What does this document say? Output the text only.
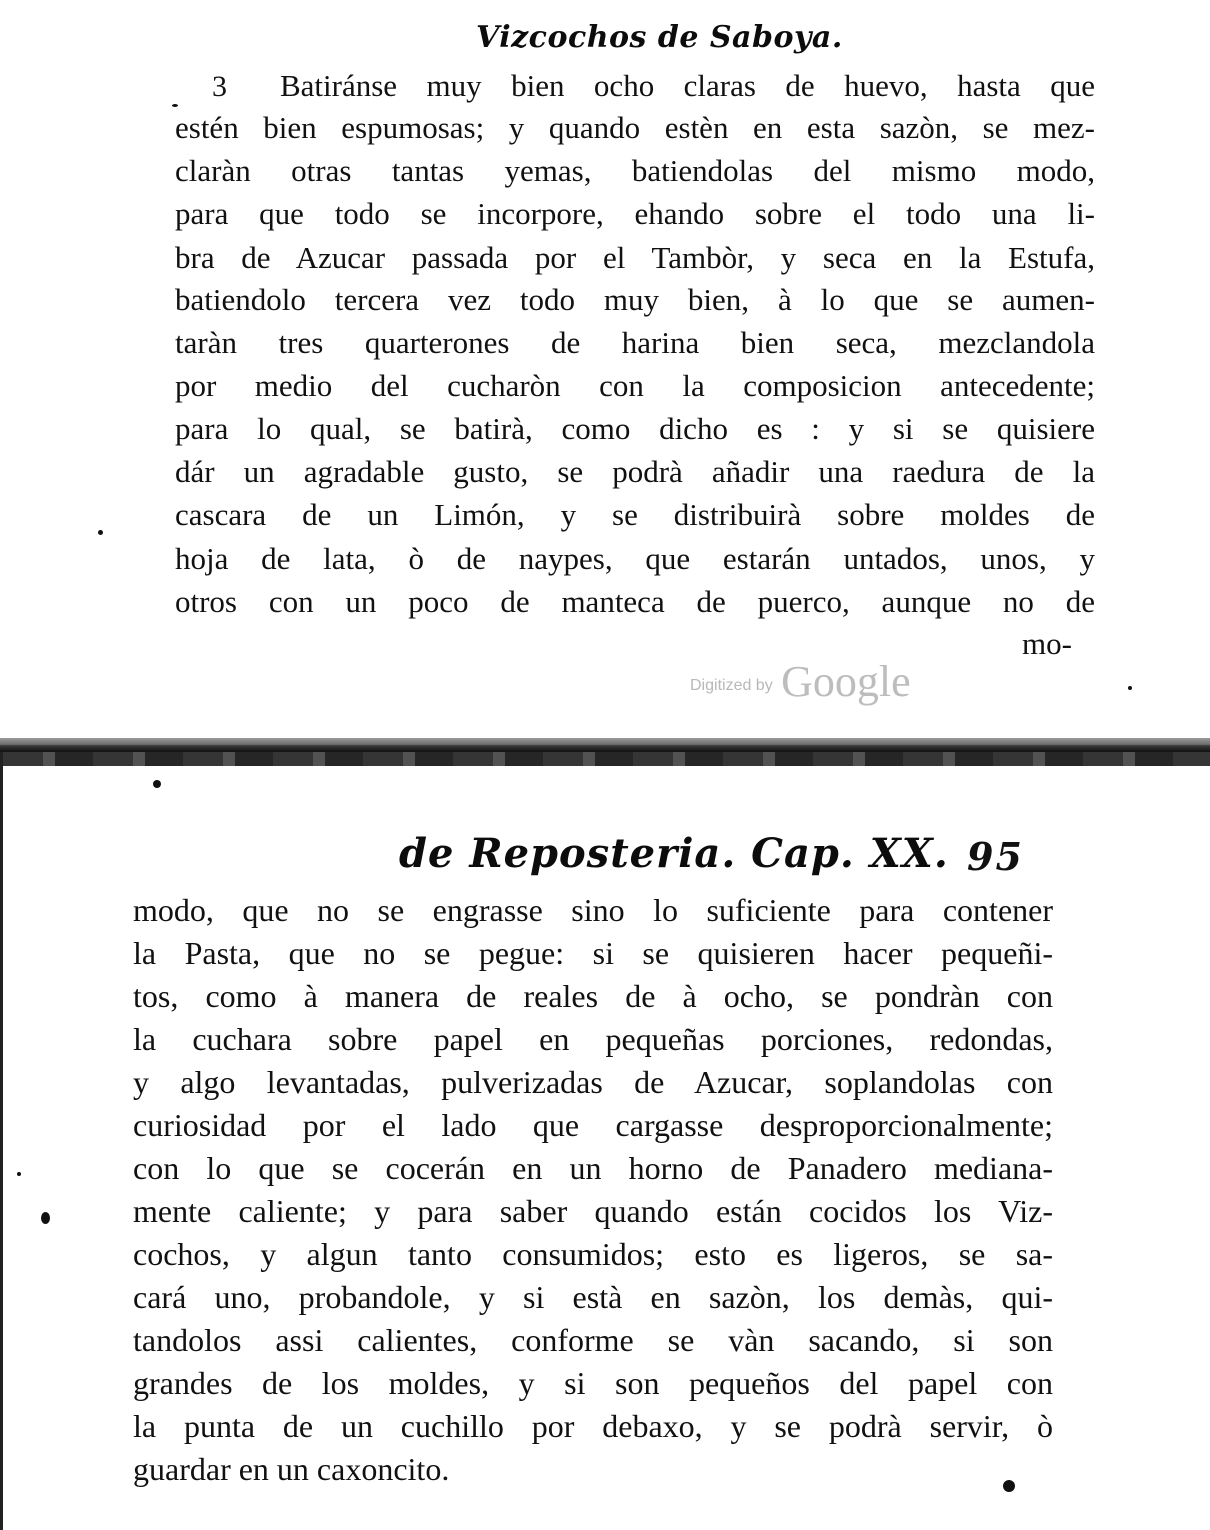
Vizcochos de Saboya.
3 Batiránse muy bien ocho claras de huevo, hasta que
estén bien espumosas; y quando estèn en esta sazòn, se mez-
claràn otras tantas yemas, batiendolas del mismo modo,
para que todo se incorpore, ehando sobre el todo una li-
bra de Azucar passada por el Tambòr, y seca en la Estufa,
batiendolo tercera vez todo muy bien, à lo que se aumen-
taràn tres quarterones de harina bien seca, mezclandola
por medio del cucharòn con la composicion antecedente;
para lo qual, se batirà, como dicho es : y si se quisiere
dár un agradable gusto, se podrà añadir una raedura de la
cascara de un Limón, y se distribuirà sobre moldes de
hoja de lata, ò de naypes, que estarán untados, unos, y
otros con un poco de manteca de puerco, aunque no de
mo-
Digitized by Google
de Reposteria. Cap. XX. 95
modo, que no se engrasse sino lo suficiente para contener
la Pasta, que no se pegue: si se quisieren hacer pequeñi-
tos, como à manera de reales de à ocho, se pondràn con
la cuchara sobre papel en pequeñas porciones, redondas,
y algo levantadas, pulverizadas de Azucar, soplandolas con
curiosidad por el lado que cargasse desproporcionalmente;
con lo que se cocerán en un horno de Panadero mediana-
mente caliente; y para saber quando están cocidos los Viz-
cochos, y algun tanto consumidos; esto es ligeros, se sa-
cará uno, probandole, y si està en sazòn, los demàs, qui-
tandolos assi calientes, conforme se vàn sacando, si son
grandes de los moldes, y si son pequeños del papel con
la punta de un cuchillo por debaxo, y se podrà servir, ò
guardar en un caxoncito.
